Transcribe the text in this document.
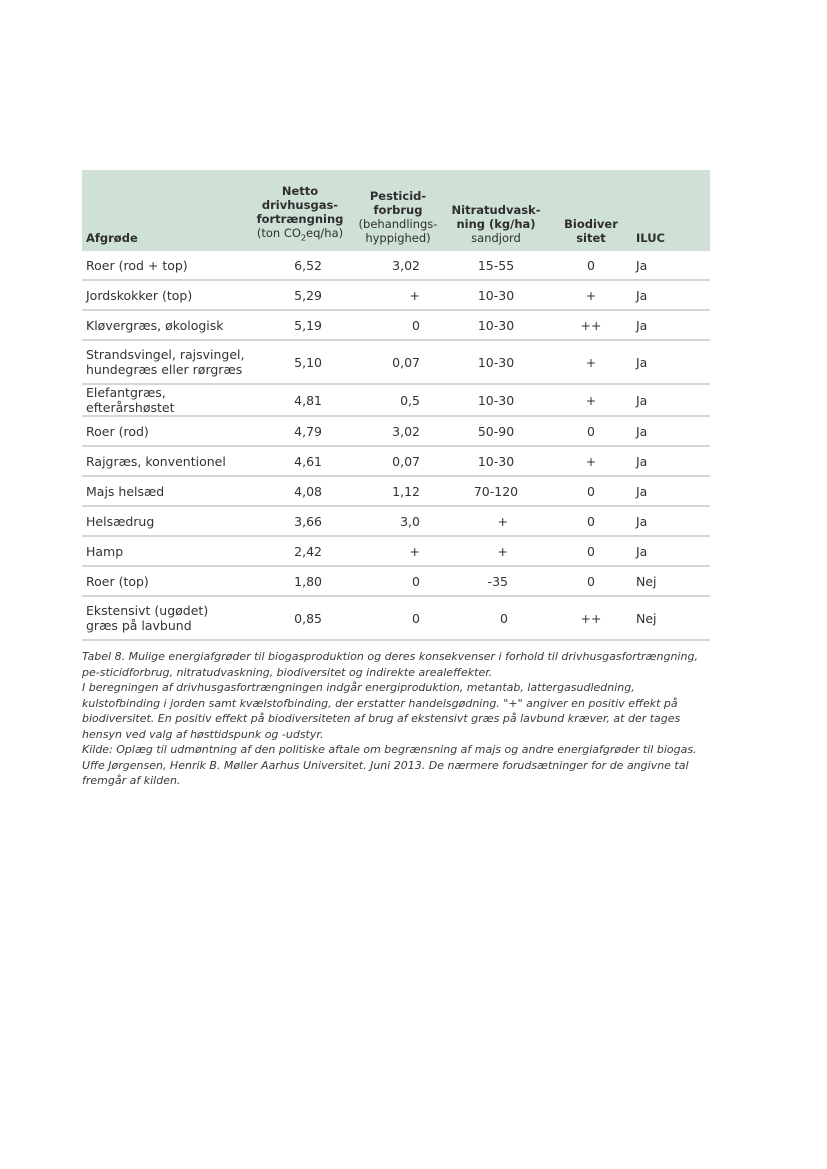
Afgrøde	Netto
drivhusgas-
fortrængning
(ton $CO_2eq/ha$)	Pesticid-
forbrug
(behandlings-
hyppighed)	Nitratudvask-
ning (kg/ha)
sandjord	Biodiver
sitet	ILUC
Roer (rod + top)	6,52	3,02	15-55	0	Ja
Jordskokker (top)	5,29	+	10-30	+	Ja
Kløvergræs, økologisk	5,19	0	10-30	++	Ja

Strandsvingel, rajsvingel,
hundegræs eller rørgræs	5,10	0,07	10-30	+	Ja
Elefantgræs, efterårshøstet	4,81	0,5	10-30	+	Ja
Roer (rod)	4,79	3,02	50-90	0	Ja
Rajgræs, konventionel	4,61	0,07	10-30	+	Ja
Majs helsæd	4,08	1,12	70-120	0	Ja
Helsædrug	3,66	3,0	+	0	Ja
Hamp	2,42	+	+	0	Ja
Roer (top)	1,80	0	-35	0	Nej

Ekstensivt (ugødet)
græs på lavbund	0,85	0	0	++	Nej

Tabel 8. Mulige energiafgrøder til biogasproduktion og deres konsekvenser i forhold til drivhusgasfortrængning, pe-sticidforbrug, nitratudvaskning, biodiversitet og indirekte arealeffekter.

I beregningen af drivhusgasfortrængningen indgår energiproduktion, metantab, lattergasudledning, kulstofbinding i jorden samt kvælstofbinding, der erstatter handelsgødning. "+" angiver en positiv effekt på biodiversitet. En positiv effekt på biodiversiteten af brug af ekstensivt græs på lavbund kræver, at der tages hensyn ved valg af høsttidspunk og -udstyr.

Kilde: Oplæg til udmøntning af den politiske aftale om begrænsning af majs og andre energiafgrøder til biogas. Uffe Jørgensen, Henrik B. Møller Aarhus Universitet. Juni 2013. De nærmere forudsætninger for de angivne tal fremgår af kilden.
